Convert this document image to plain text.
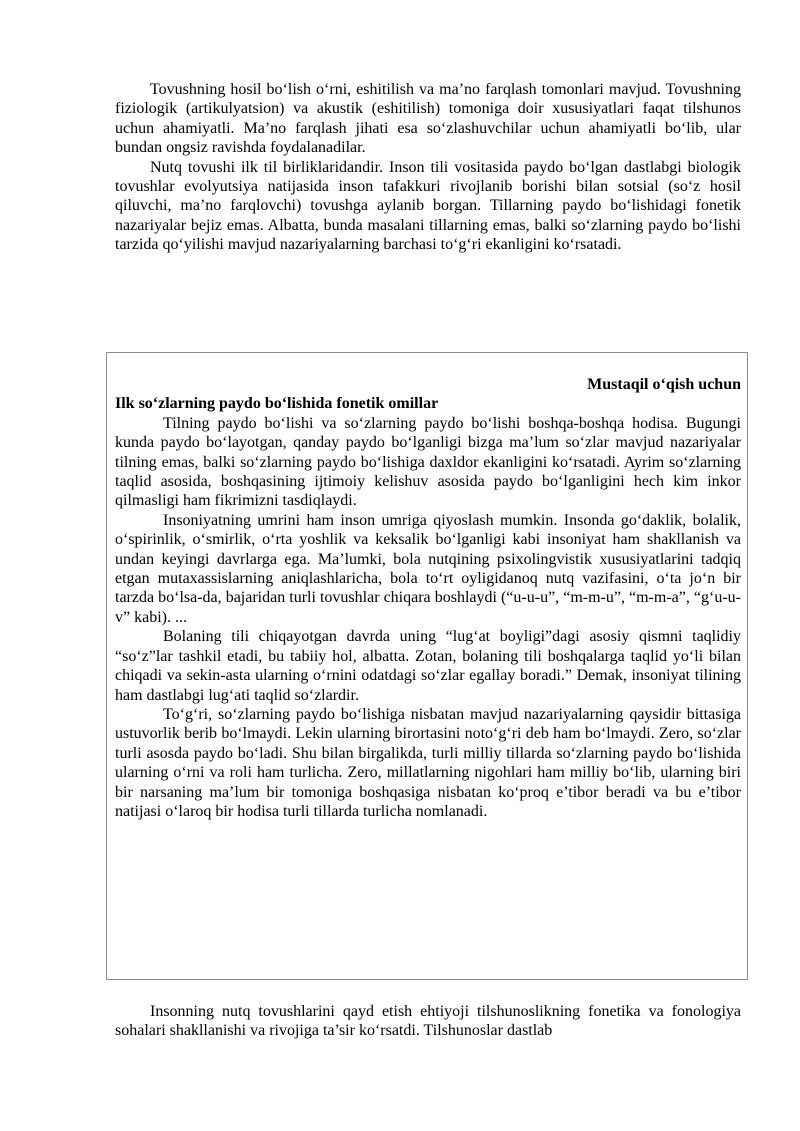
Tovushning hosil bo‘lish o‘rni, eshitilish va ma’no farqlash tomonlari mavjud. Tovushning fiziologik (artikulyatsion) va akustik (eshitilish) tomoniga doir xususiyatlari faqat tilshunos uchun ahamiyatli. Ma’no farqlash jihati esa so‘zlashuvchilar uchun ahamiyatli bo‘lib, ular bundan ongsiz ravishda foydalanadilar.

Nutq tovushi ilk til birliklaridandir. Inson tili vositasida paydo bo‘lgan dastlabgi biologik tovushlar evolyutsiya natijasida inson tafakkuri rivojlanib borishi bilan sotsial (so‘z hosil qiluvchi, ma’no farqlovchi) tovushga aylanib borgan. Tillarning paydo bo‘lishidagi fonetik nazariyalar bejiz emas. Albatta, bunda masalani tillarning emas, balki so‘zlarning paydo bo‘lishi tarzida qo‘yilishi mavjud nazariyalarning barchasi to‘g‘ri ekanligini ko‘rsatadi.

Mustaqil o‘qish uchun
Ilk so‘zlarning paydo bo‘lishida fonetik omillar

Tilning paydo bo‘lishi va so‘zlarning paydo bo‘lishi boshqa-boshqa hodisa. Bugungi kunda paydo bo‘layotgan, qanday paydo bo‘lganligi bizga ma’lum so‘zlar mavjud nazariyalar tilning emas, balki so‘zlarning paydo bo‘lishiga daxldor ekanligini ko‘rsatadi. Ayrim so‘zlarning taqlid asosida, boshqasining ijtimoiy kelishuv asosida paydo bo‘lganligini hech kim inkor qilmasligi ham fikrimizni tasdiqlaydi.

Insoniyatning umrini ham inson umriga qiyoslash mumkin. Insonda go‘daklik, bolalik, o‘spirinlik, o‘smirlik, o‘rta yoshlik va keksalik bo‘lganligi kabi insoniyat ham shakllanish va undan keyingi davrlarga ega. Ma’lumki, bola nutqining psixolingvistik xususiyatlarini tadqiq etgan mutaxassislarning aniqlashlaricha, bola to‘rt oyligidanoq nutq vazifasini, o‘ta jo‘n bir tarzda bo‘lsa-da, bajaridan turli tovushlar chiqara boshlaydi (“u-u-u”, “m-m-u”, “m-m-a”, “g‘u-u-v” kabi). ...

Bolaning tili chiqayotgan davrda uning “lug‘at boyligi”dagi asosiy qismni taqlidiy “so‘z”lar tashkil etadi, bu tabiiy hol, albatta. Zotan, bolaning tili boshqalarga taqlid yo‘li bilan chiqadi va sekin-asta ularning o‘rnini odatdagi so‘zlar egallay boradi.” Demak, insoniyat tilining ham dastlabgi lug‘ati taqlid so‘zlardir.

To‘g‘ri, so‘zlarning paydo bo‘lishiga nisbatan mavjud nazariyalarning qaysidir bittasiga ustuvorlik berib bo‘lmaydi. Lekin ularning birortasini noto‘g‘ri deb ham bo‘lmaydi. Zero, so‘zlar turli asosda paydo bo‘ladi. Shu bilan birgalikda, turli milliy tillarda so‘zlarning paydo bo‘lishida ularning o‘rni va roli ham turlicha. Zero, millatlarning nigohlari ham milliy bo‘lib, ularning biri bir narsaning ma’lum bir tomoniga boshqasiga nisbatan ko‘proq e’tibor beradi va bu e’tibor natijasi o‘laroq bir hodisa turli tillarda turlicha nomlanadi.

Insonning nutq tovushlarini qayd etish ehtiyoji tilshunoslikning fonetika va fonologiya sohalari shakllanishi va rivojiga ta’sir ko‘rsatdi. Tilshunoslar dastlab
